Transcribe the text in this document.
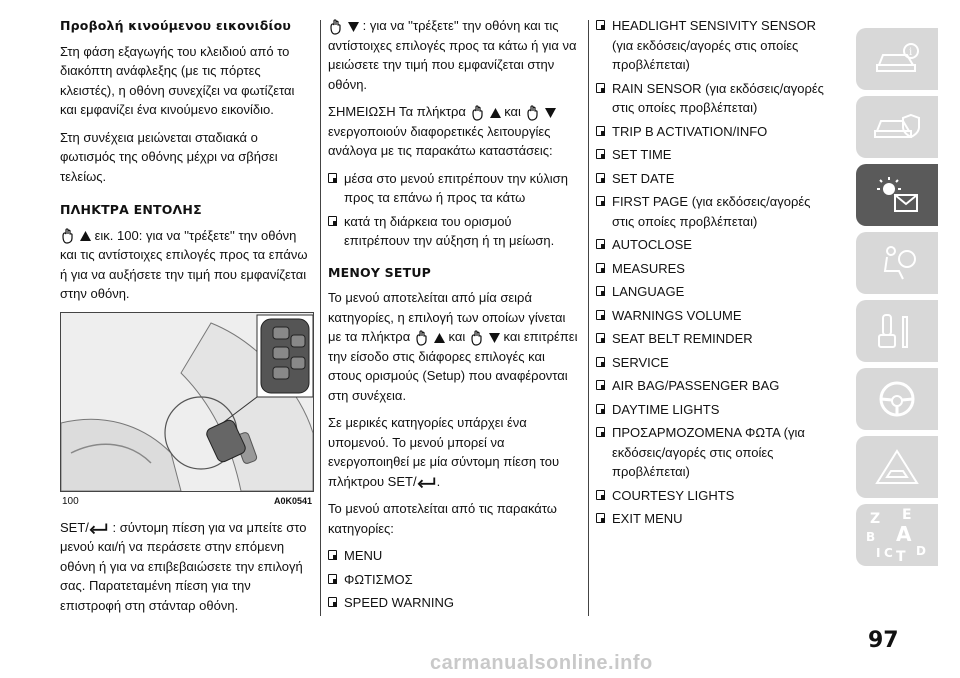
Προβολή κινούμενου εικονιδίου

Στη φάση εξαγωγής του κλειδιού από το διακόπτη ανάφλεξης (με τις πόρτες κλειστές), η οθόνη συνεχίζει να φωτίζεται και εμφανίζει ένα κινούμενο εικονίδιο.

Στη συνέχεια μειώνεται σταδιακά ο φωτισμός της οθόνης μέχρι να σβήσει τελείως.

ΠΛΗΚΤΡΑ ΕΝΤΟΛΗΣ

εικ. 100: για να ''τρέξετε'' την οθόνη και τις αντίστοιχες επιλογές προς τα επάνω ή για να αυξήσετε την τιμή που εμφανίζεται στην οθόνη.

100	A0K0541

SET/ : σύντομη πίεση για να μπείτε στο μενού και/ή να περάσετε στην επόμενη οθόνη ή για να επιβεβαιώσετε την επιλογή σας. Παρατεταμένη πίεση για την επιστροφή στη στάνταρ οθόνη.

: για να ''τρέξετε'' την οθόνη και τις αντίστοιχες επιλογές προς τα κάτω ή για να μειώσετε την τιμή που εμφανίζεται στην οθόνη.

ΣΗΜΕΙΩΣΗ Τα πλήκτρα	και  ενεργοποιούν διαφορετικές λειτουργίες ανάλογα με τις παρακάτω καταστάσεις:

μέσα στο μενού επιτρέπουν την κύλιση προς τα επάνω ή προς τα κάτω
κατά τη διάρκεια του ορισμού επιτρέπουν την αύξηση ή τη μείωση.
ΜΕΝΟΥ SETUP

Το μενού αποτελείται από μία σειρά κατηγορίες, η επιλογή των οποίων γίνεται με τα πλήκτρα	και	και επιτρέπει την είσοδο στις διάφορες επιλογές και στους ορισμούς (Setup) που αναφέρονται στη συνέχεια.

Σε μερικές κατηγορίες υπάρχει ένα υπομενού. Το μενού μπορεί να ενεργοποιηθεί με μία σύντομη πίεση του πλήκτρου SET/ .

Το μενού αποτελείται από τις παρακάτω κατηγορίες:

MENU
ΦΩΤΙΣΜΟΣ
SPEED WARNING
HEADLIGHT SENSIVITY SENSOR (για εκδόσεις/αγορές στις οποίες προβλέπεται)
RAIN SENSOR (για εκδόσεις/αγορές στις οποίες προβλέπεται)
TRIP B ACTIVATION/INFO
SET TIME
SET DATE
FIRST PAGE (για εκδόσεις/αγορές στις οποίες προβλέπεται)
AUTOCLOSE
MEASURES
LANGUAGE
WARNINGS VOLUME
SEAT BELT REMINDER
SERVICE
AIR BAG/PASSENGER BAG
DAYTIME LIGHTS
ΠΡΟΣΑΡΜΟΖΟΜΕΝΑ ΦΩΤΑ (για εκδόσεις/αγορές στις οποίες προβλέπεται)
COURTESY LIGHTS
EXIT MENU
i
Z E
B A
I C T D
97
carmanualsonline.info
